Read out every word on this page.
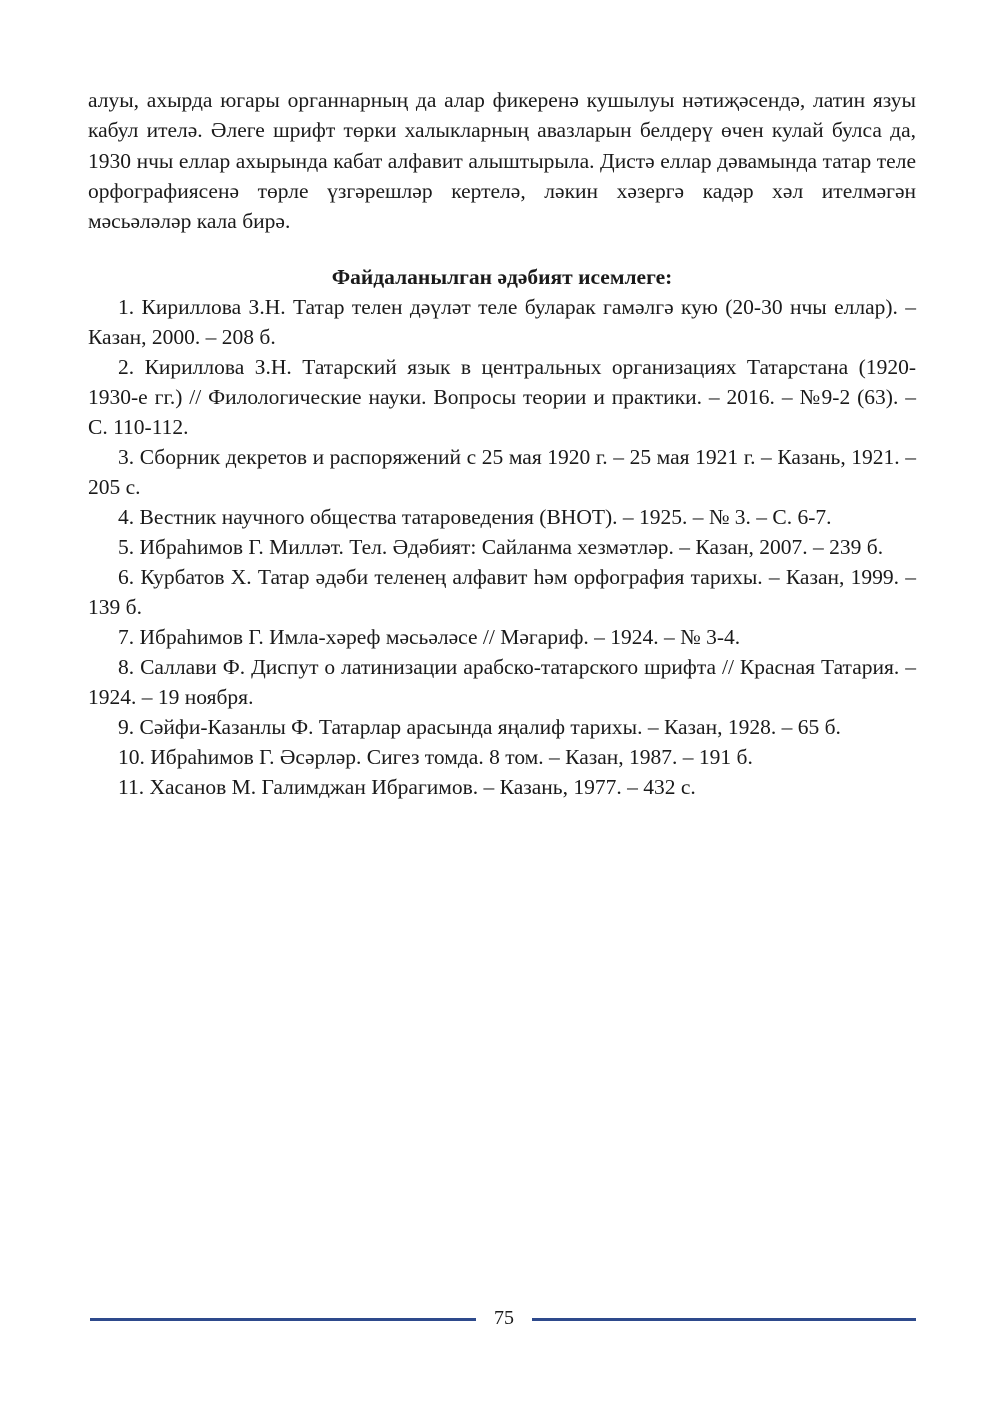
алуы, ахырда югары органнарның да алар фикеренә кушылуы нәтиҗәсендә, латин язуы кабул ителә. Әлеге шрифт төрки халыкларның авазларын белдерү өчен кулай булса да, 1930 нчы еллар ахырында кабат алфавит алыштырыла. Дистә еллар дәвамында татар теле орфографиясенә төрле үзгәрешләр кертелә, ләкин хәзергә кадәр хәл ителмәгән мәсьәләләр кала бирә.

Файдаланылган әдәбият исемлеге:
1. Кириллова З.Н. Татар телен дәүләт теле буларак гамәлгә кую (20-30 нчы еллар). – Казан, 2000. – 208 б.
2. Кириллова З.Н. Татарский язык в центральных организациях Татарстана (1920-1930-е гг.) // Филологические науки. Вопросы теории и практики. – 2016. – №9-2 (63). – С. 110-112.
3. Сборник декретов и распоряжений с 25 мая 1920 г. – 25 мая 1921 г. – Казань, 1921. – 205 с.
4. Вестник научного общества татароведения (ВНОТ). – 1925. – № 3. – С. 6-7.
5. Ибраһимов Г. Милләт. Тел. Әдәбият: Сайланма хезмәтләр. – Казан, 2007. – 239 б.
6. Курбатов Х. Татар әдәби теленең алфавит һәм орфография тарихы. – Казан, 1999. – 139 б.
7. Ибраһимов Г. Имла-хәреф мәсьәләсе // Мәгариф. – 1924. – № 3-4.
8. Саллави Ф. Диспут о латинизации арабско-татарского шрифта // Красная Татария. – 1924. – 19 ноября.
9. Сәйфи-Казанлы Ф. Татарлар арасында яңалиф тарихы. – Казан, 1928. – 65 б.
10. Ибраһимов Г. Әсәрләр. Сигез томда. 8 том. – Казан, 1987. – 191 б.
11. Хасанов М. Галимджан Ибрагимов. – Казань, 1977. – 432 с.
75
